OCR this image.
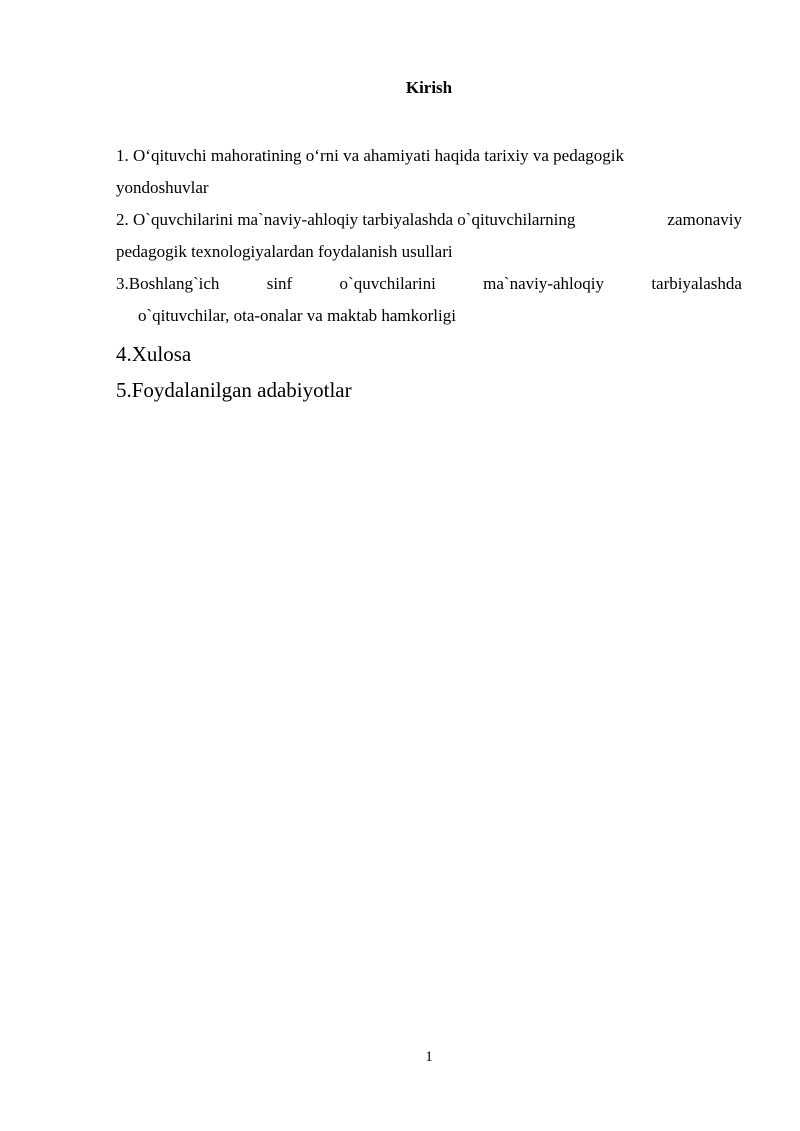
Kirish
1. O‘qituvchi mahoratining o‘rni va ahamiyati haqida tarixiy va pedagogik
yondoshuvlar
2. O`quvchilarini ma`naviy-ahloqiy tarbiyalashda o`qituvchilarning	zamonaviy
pedagogik texnologiyalardan foydalanish usullari
3.Boshlang`ich	sinf	o`quvchilarini	ma`naviy-ahloqiy	tarbiyalashda
o`qituvchilar, ota-onalar va maktab hamkorligi
4.Xulosa
5.Foydalanilgan adabiyotlar
1
